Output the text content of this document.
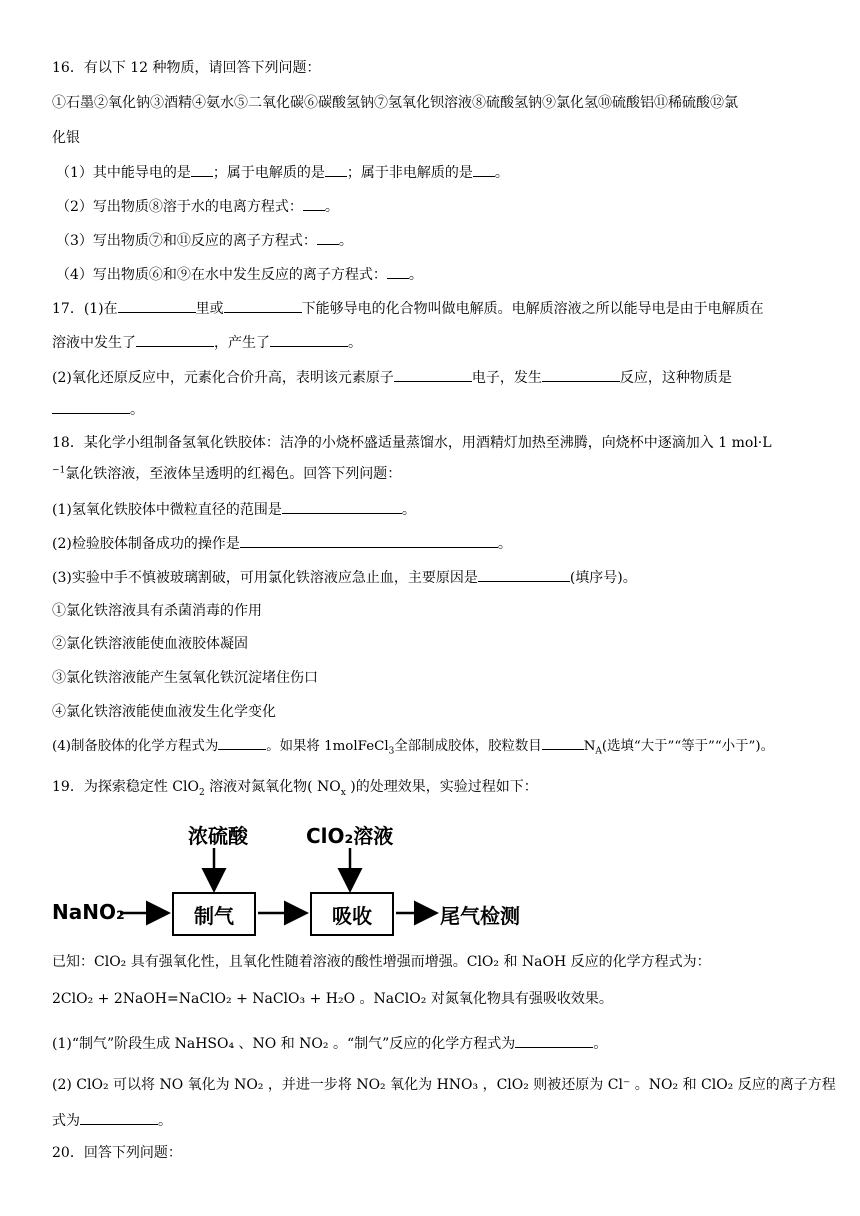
16．有以下 12 种物质，请回答下列问题：
①石墨②氧化钠③酒精④氨水⑤二氧化碳⑥碳酸氢钠⑦氢氧化钡溶液⑧硫酸氢钠⑨氯化氢⑩硫酸铝⑪稀硫酸⑫氯
化银
（1）其中能导电的是 ；属于电解质的是 ；属于非电解质的是 。
（2）写出物质⑧溶于水的电离方程式： 。
（3）写出物质⑦和⑪反应的离子方程式： 。
（4）写出物质⑥和⑨在水中发生反应的离子方程式： 。
17．(1)在	里或	下能够导电的化合物叫做电解质。电解质溶液之所以能导电是由于电解质在
溶液中发生了	，产生了	。
(2)氧化还原反应中，元素化合价升高，表明该元素原子	电子，发生	反应，这种物质是
。
18．某化学小组制备氢氧化铁胶体：洁净的小烧杯盛适量蒸馏水，用酒精灯加热至沸腾，向烧杯中逐滴加入 1 mol·L
$^{-1}$氯化铁溶液，至液体呈透明的红褐色。回答下列问题：
(1)氢氧化铁胶体中微粒直径的范围是	。
(2)检验胶体制备成功的操作是	。
(3)实验中手不慎被玻璃割破，可用氯化铁溶液应急止血，主要原因是	(填序号)。
①氯化铁溶液具有杀菌消毒的作用
②氯化铁溶液能使血液胶体凝固
③氯化铁溶液能产生氢氧化铁沉淀堵住伤口
④氯化铁溶液能使血液发生化学变化
(4)制备胶体的化学方程式为	。如果将 1molFeCl$_3$全部制成胶体，胶粒数目	$N_A$(选填“大于”“等于”“小于”)。
19．为探索稳定性 ClO$_2$ 溶液对氮氧化物( $NO_x$ )的处理效果，实验过程如下：
浓硫酸	ClO₂溶液
NaNO₂	制气	吸收	尾气检测
已知：ClO₂ 具有强氧化性，且氧化性随着溶液的酸性增强而增强。ClO₂ 和 NaOH 反应的化学方程式为：
2ClO₂ + 2NaOH=NaClO₂ + NaClO₃ + H₂O 。NaClO₂ 对氮氧化物具有强吸收效果。
(1)“制气”阶段生成 NaHSO₄ 、NO 和 NO₂ 。“制气”反应的化学方程式为	。
(2) ClO₂ 可以将 NO 氧化为 NO₂ ，并进一步将 NO₂ 氧化为 HNO₃ ，ClO₂ 则被还原为 Cl⁻ 。NO₂ 和 ClO₂ 反应的离子方程
式为	。
20．回答下列问题：
